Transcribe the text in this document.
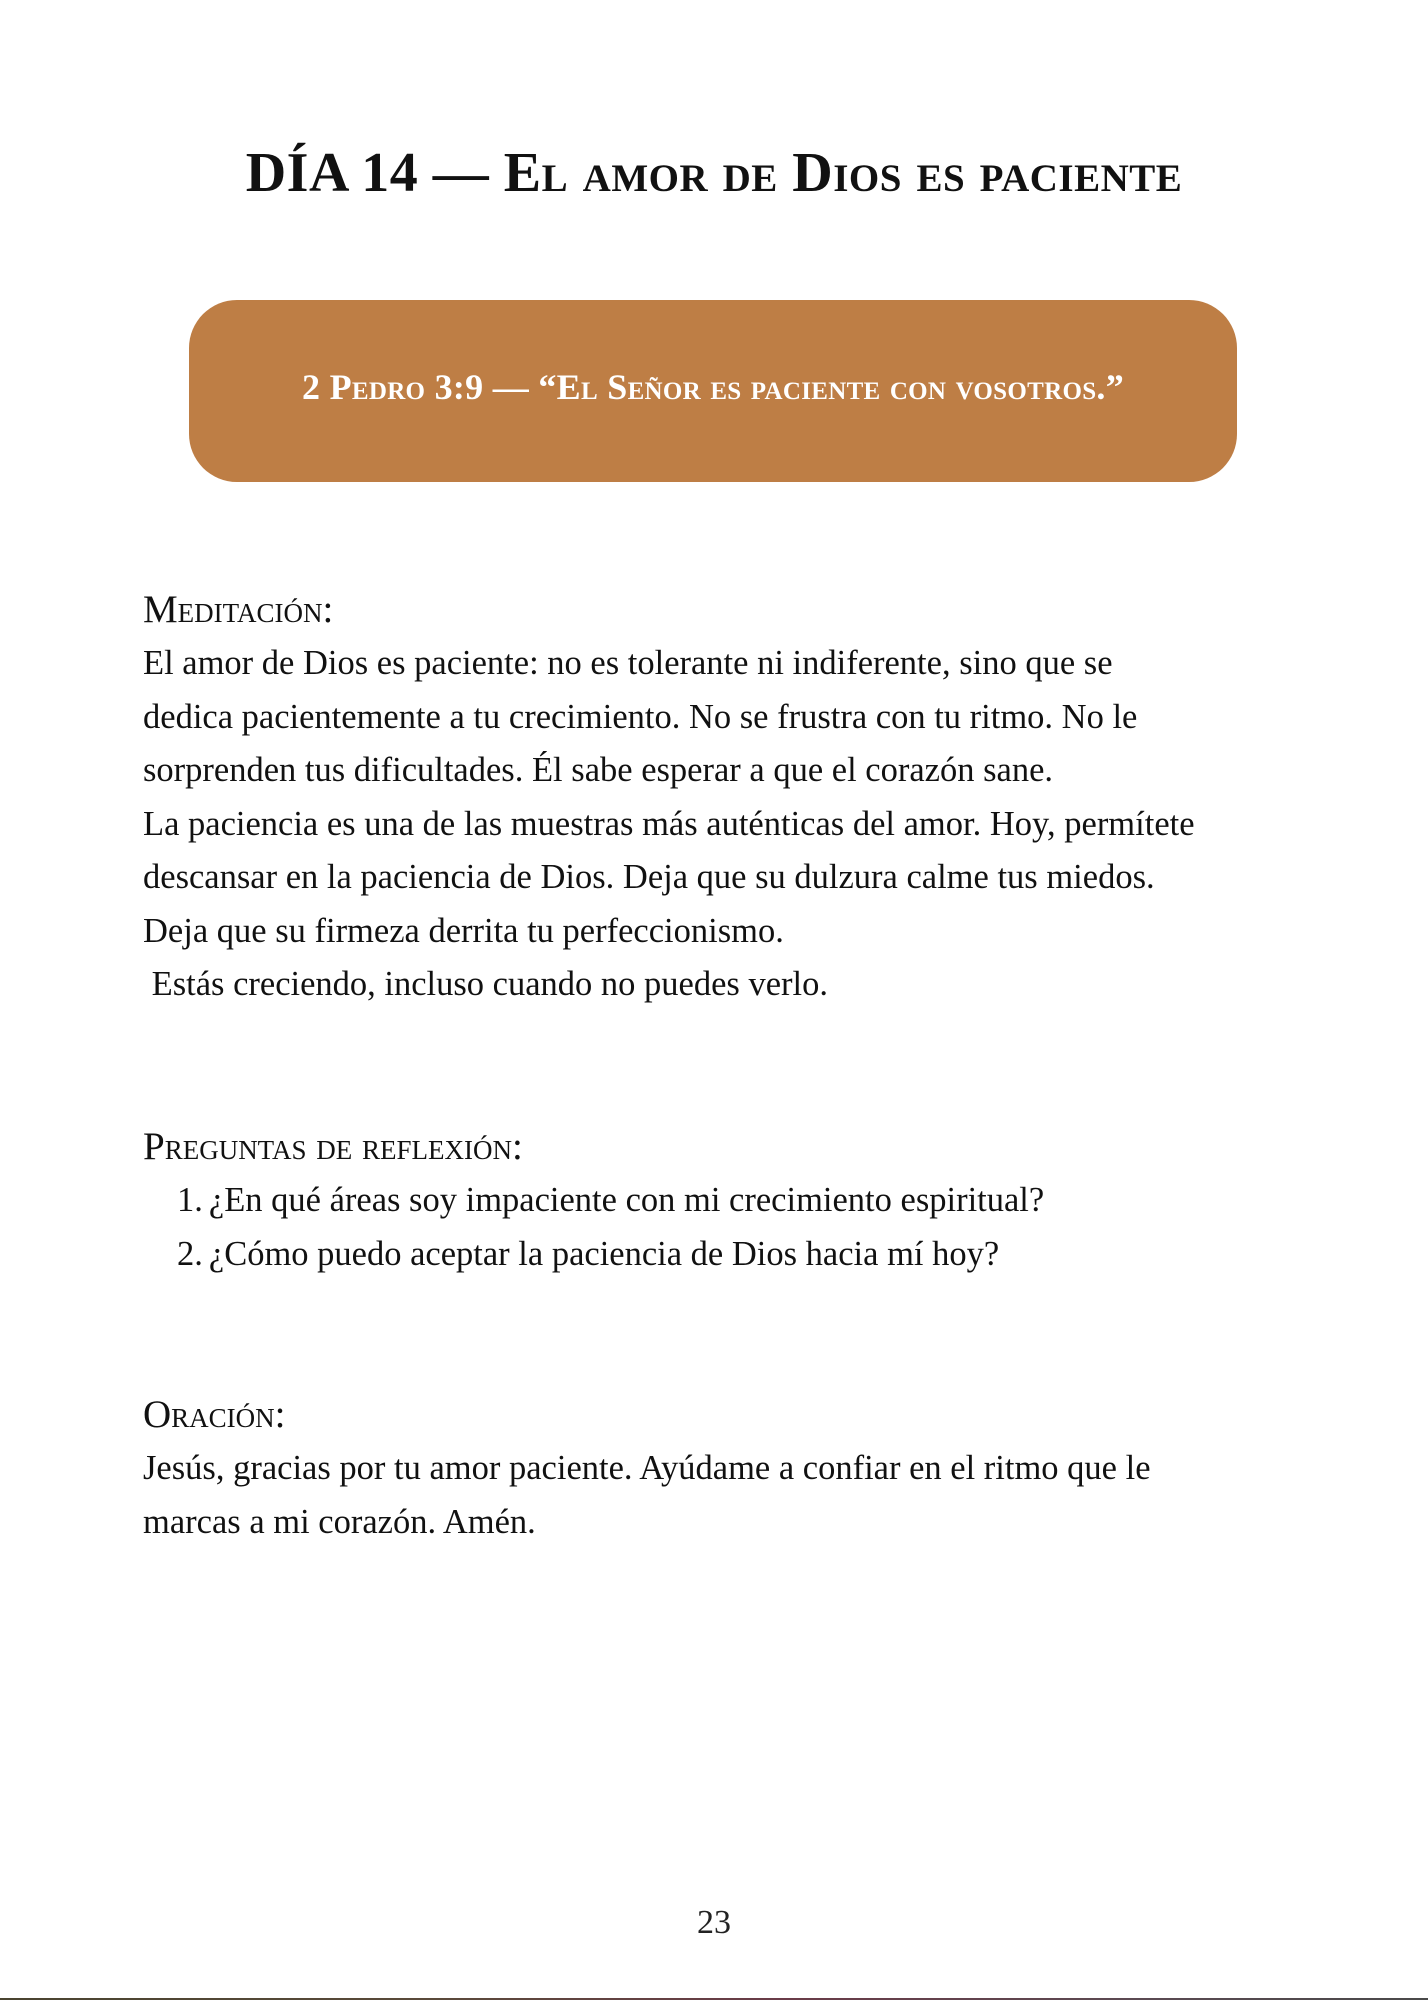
DÍA 14 — El amor de Dios es paciente
2 Pedro 3:9 — “El Señor es paciente con vosotros.”
Meditación:

El amor de Dios es paciente: no es tolerante ni indiferente, sino que se

dedica pacientemente a tu crecimiento. No se frustra con tu ritmo. No le

sorprenden tus dificultades. Él sabe esperar a que el corazón sane.

La paciencia es una de las muestras más auténticas del amor. Hoy, permítete

descansar en la paciencia de Dios. Deja que su dulzura calme tus miedos.

Deja que su firmeza derrita tu perfeccionismo.

Estás creciendo, incluso cuando no puedes verlo.

Preguntas de reflexión:
1. ¿En qué áreas soy impaciente con mi crecimiento espiritual?
2. ¿Cómo puedo aceptar la paciencia de Dios hacia mí hoy?
Oración:

Jesús, gracias por tu amor paciente. Ayúdame a confiar en el ritmo que le

marcas a mi corazón. Amén.

23
